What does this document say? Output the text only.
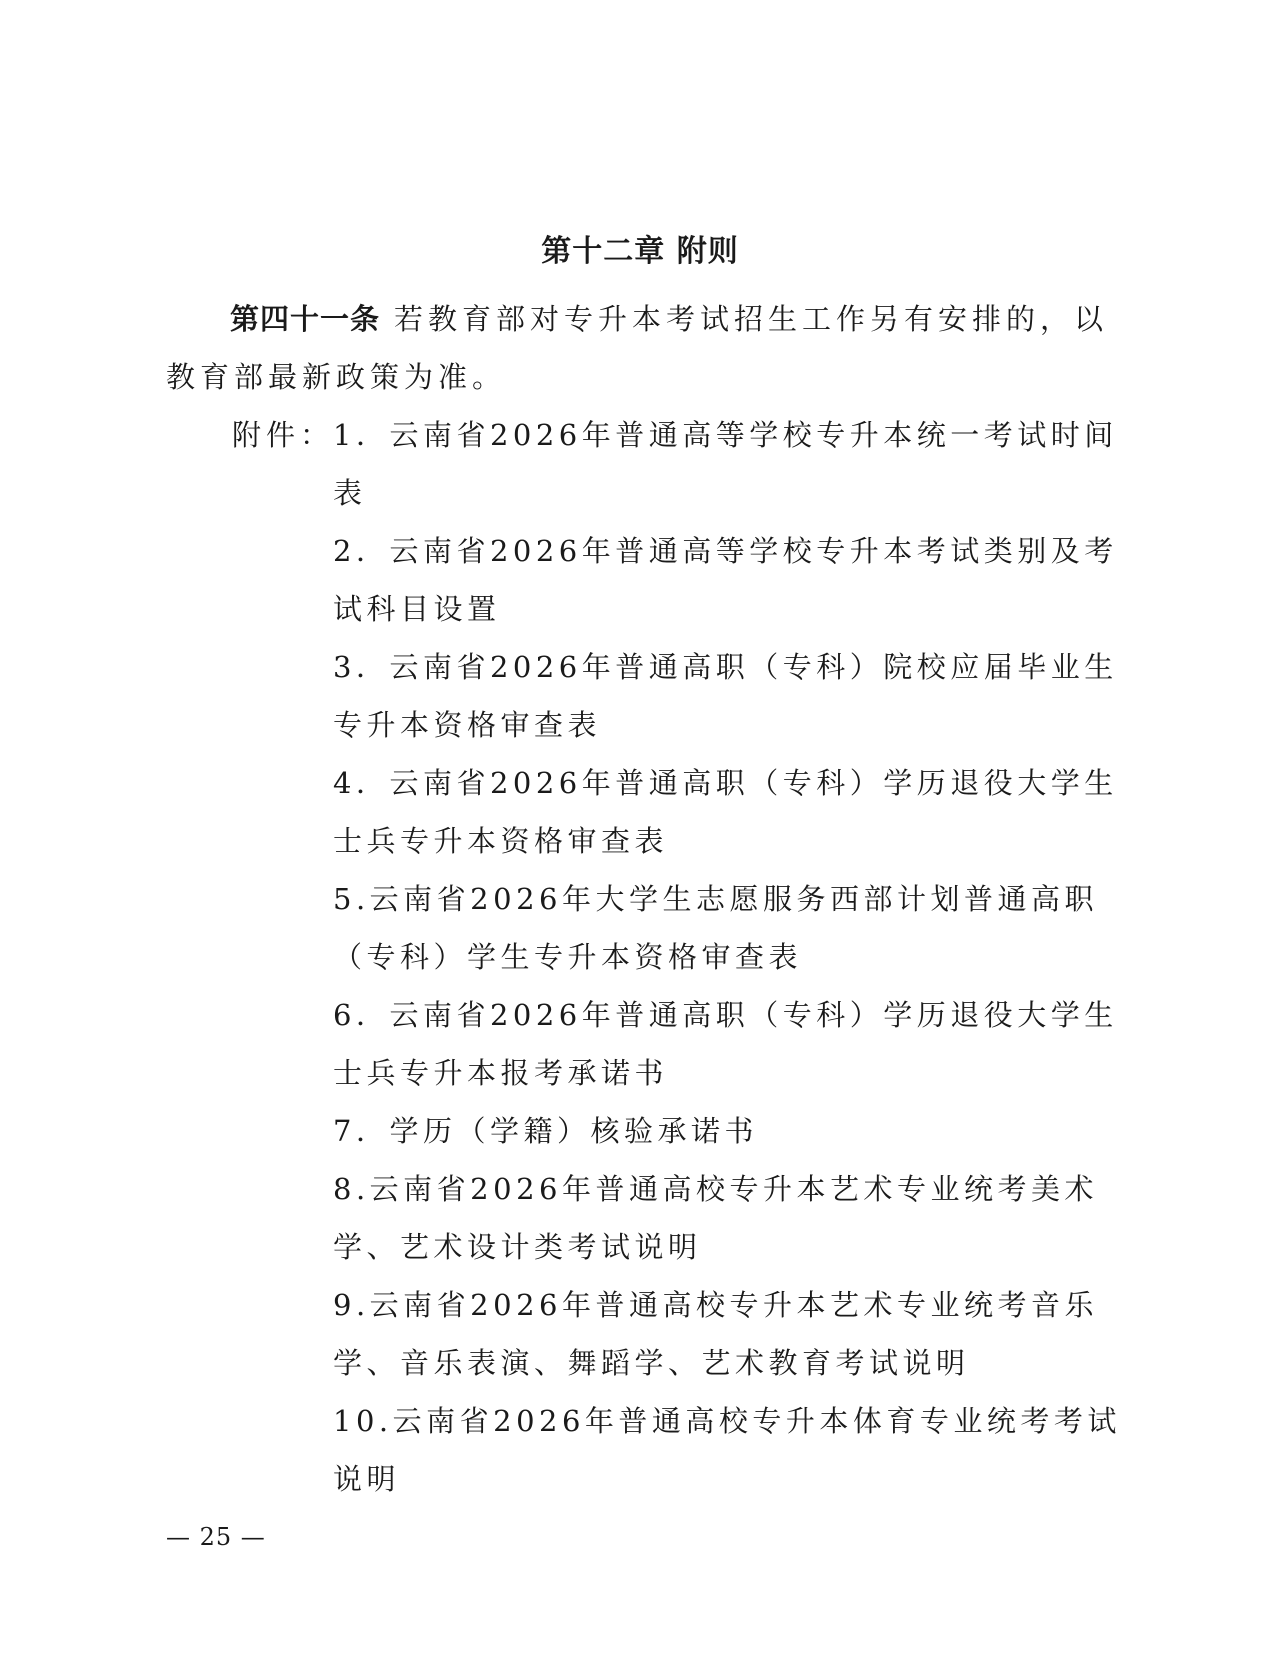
第十二章 附则
第四十一条 若教育部对专升本考试招生工作另有安排的，以教育部最新政策为准。
附件：
1．云南省2026年普通高等学校专升本统一考试时间表
2．云南省2026年普通高等学校专升本考试类别及考试科目设置
3．云南省2026年普通高职（专科）院校应届毕业生专升本资格审查表
4．云南省2026年普通高职（专科）学历退役大学生士兵专升本资格审查表
5.云南省2026年大学生志愿服务西部计划普通高职（专科）学生专升本资格审查表
6．云南省2026年普通高职（专科）学历退役大学生士兵专升本报考承诺书
7．学历（学籍）核验承诺书
8.云南省2026年普通高校专升本艺术专业统考美术学、艺术设计类考试说明
9.云南省2026年普通高校专升本艺术专业统考音乐学、音乐表演、舞蹈学、艺术教育考试说明
10.云南省2026年普通高校专升本体育专业统考考试说明
— 25 —
